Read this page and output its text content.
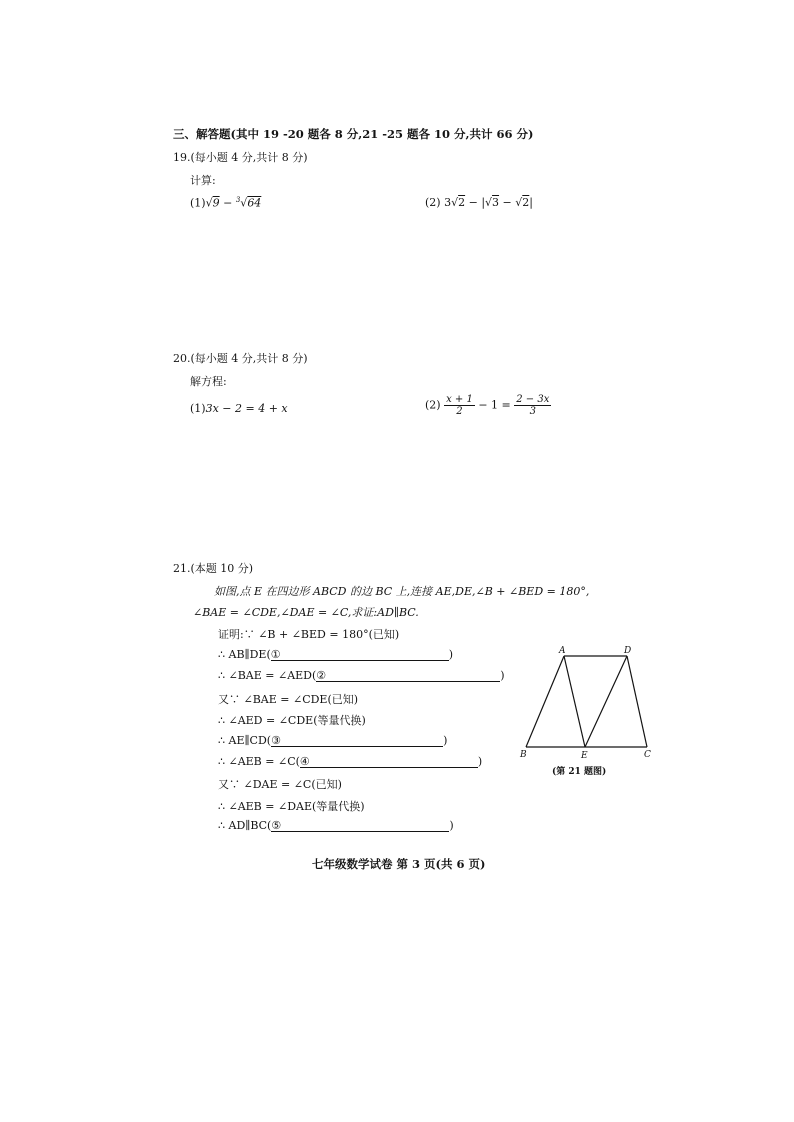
三、解答题(其中 19 -20 题各 8 分,21 -25 题各 10 分,共计 66 分)
19.(每小题 4 分,共计 8 分)
计算:
(1)√9 − $^3$√64	(2) 3√2 − |√3 − √2|
20.(每小题 4 分,共计 8 分)
解方程:
(1)3x − 2 = 4 + x	$(2) \frac{x + 1}{2} - 1 = \frac{2 - 3x}{3}$
21.(本题 10 分)
如图,点 E 在四边形 ABCD 的边 BC 上,连接 AE,DE,∠B + ∠BED = 180°,
∠BAE = ∠CDE,∠DAE = ∠C,求证:AD∥BC.
证明:∵ ∠B + ∠BED = 180°(已知)
∴ AB∥DE(①	)
∴ ∠BAE = ∠AED(②	)
又∵ ∠BAE = ∠CDE(已知)
∴ ∠AED = ∠CDE(等量代换)
∴ AE∥CD(③	)
∴ ∠AEB = ∠C(④	)
又∵ ∠DAE = ∠C(已知)
∴ ∠AEB = ∠DAE(等量代换)
∴ AD∥BC(⑤	)
A	D
B	E	C
(第 21 题图)
七年级数学试卷 第 3 页(共 6 页)
